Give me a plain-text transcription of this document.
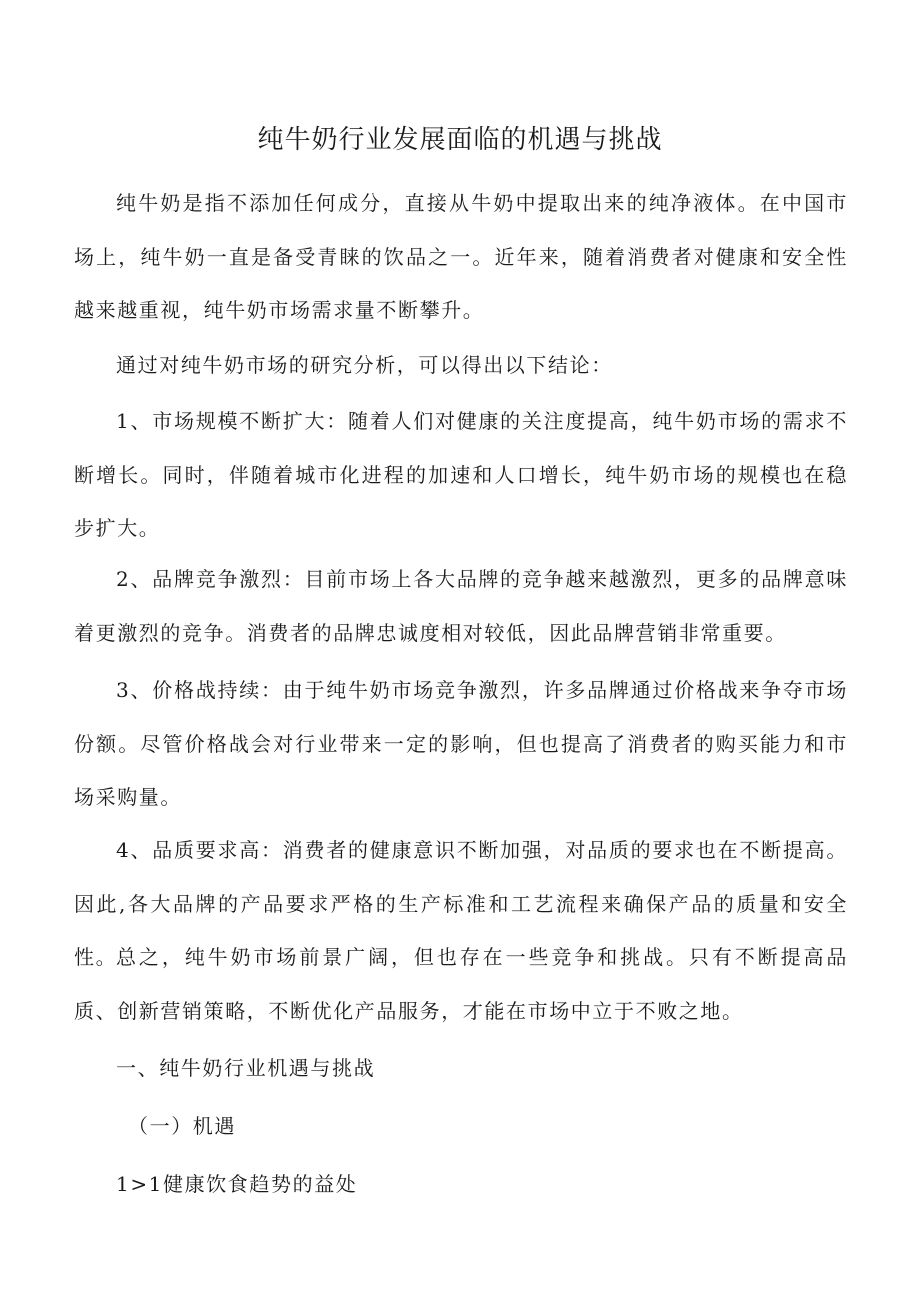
纯牛奶行业发展面临的机遇与挑战

纯牛奶是指不添加任何成分，直接从牛奶中提取出来的纯净液体。在中国市场上，纯牛奶一直是备受青睐的饮品之一。近年来，随着消费者对健康和安全性越来越重视，纯牛奶市场需求量不断攀升。

通过对纯牛奶市场的研究分析，可以得出以下结论：

1、市场规模不断扩大：随着人们对健康的关注度提高，纯牛奶市场的需求不断增长。同时，伴随着城市化进程的加速和人口增长，纯牛奶市场的规模也在稳步扩大。

2、品牌竞争激烈：目前市场上各大品牌的竞争越来越激烈，更多的品牌意味着更激烈的竞争。消费者的品牌忠诚度相对较低，因此品牌营销非常重要。

3、价格战持续：由于纯牛奶市场竞争激烈，许多品牌通过价格战来争夺市场份额。尽管价格战会对行业带来一定的影响，但也提高了消费者的购买能力和市场采购量。

4、品质要求高：消费者的健康意识不断加强，对品质的要求也在不断提高。因此,各大品牌的产品要求严格的生产标准和工艺流程来确保产品的质量和安全性。

总之，纯牛奶市场前景广阔，但也存在一些竞争和挑战。只有不断提高品质、创新营销策略，不断优化产品服务，才能在市场中立于不败之地。

一、纯牛奶行业机遇与挑战

（一）机遇

1>1健康饮食趋势的益处
